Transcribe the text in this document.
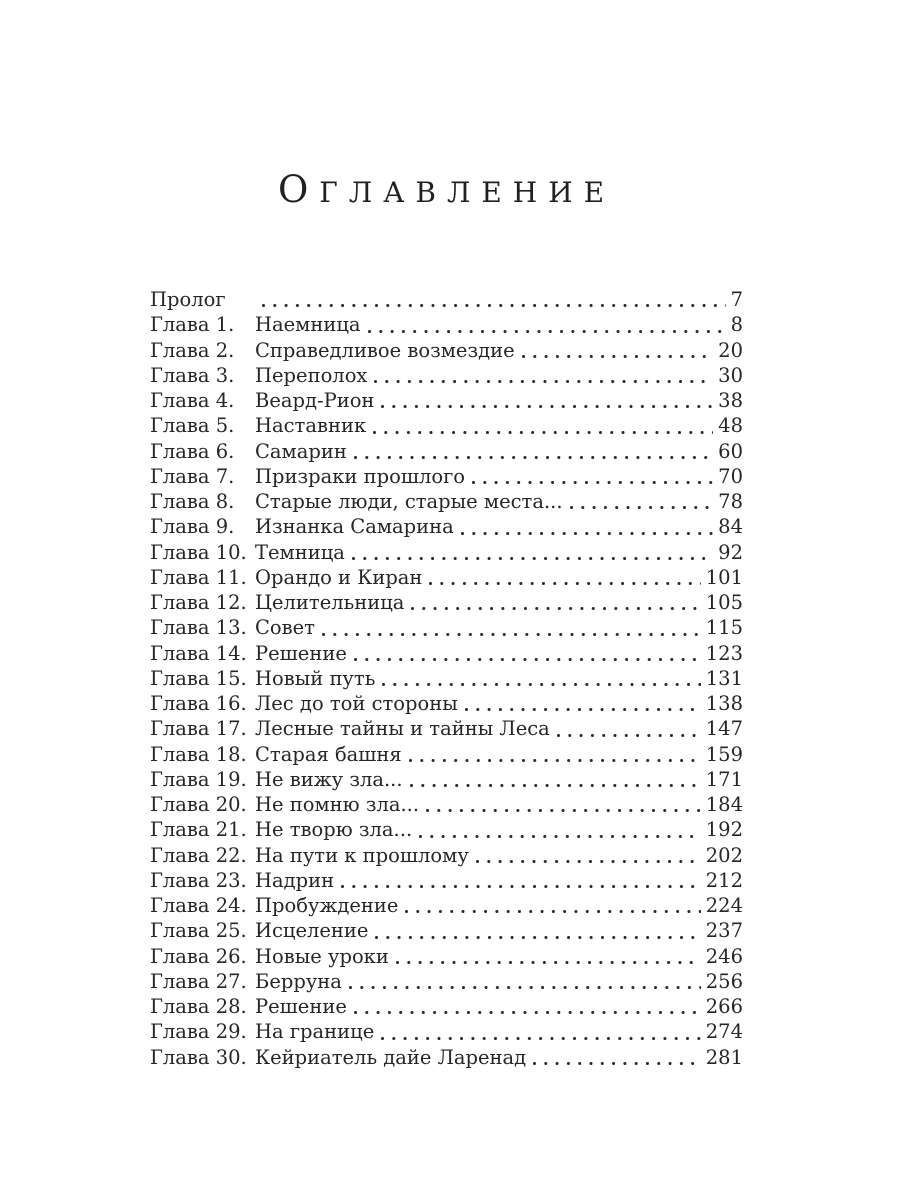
ОГЛАВЛЕНИЕ
Пролог	7
Глава 1.	Наемница	8
Глава 2.	Справедливое возмездие	20
Глава 3.	Переполох	30
Глава 4.	Веард-Рион	38
Глава 5.	Наставник	48
Глава 6.	Самарин	60
Глава 7.	Призраки прошлого	70
Глава 8.	Старые люди, старые места...	78
Глава 9.	Изнанка Самарина	84
Глава 10. Темница	92
Глава 11. Орандо и Киран	101
Глава 12. Целительница	105
Глава 13. Совет	115
Глава 14. Решение	123
Глава 15. Новый путь	131
Глава 16. Лес до той стороны	138
Глава 17. Лесные тайны и тайны Леса	147
Глава 18. Старая башня	159
Глава 19. Не вижу зла...	171
Глава 20. Не помню зла...	184
Глава 21. Не творю зла...	192
Глава 22. На пути к прошлому	202
Глава 23. Надрин	212
Глава 24. Пробуждение	224
Глава 25. Исцеление	237
Глава 26. Новые уроки	246
Глава 27. Берруна	256
Глава 28. Решение	266
Глава 29. На границе	274
Глава 30. Кейриатель дайе Ларенад	281
